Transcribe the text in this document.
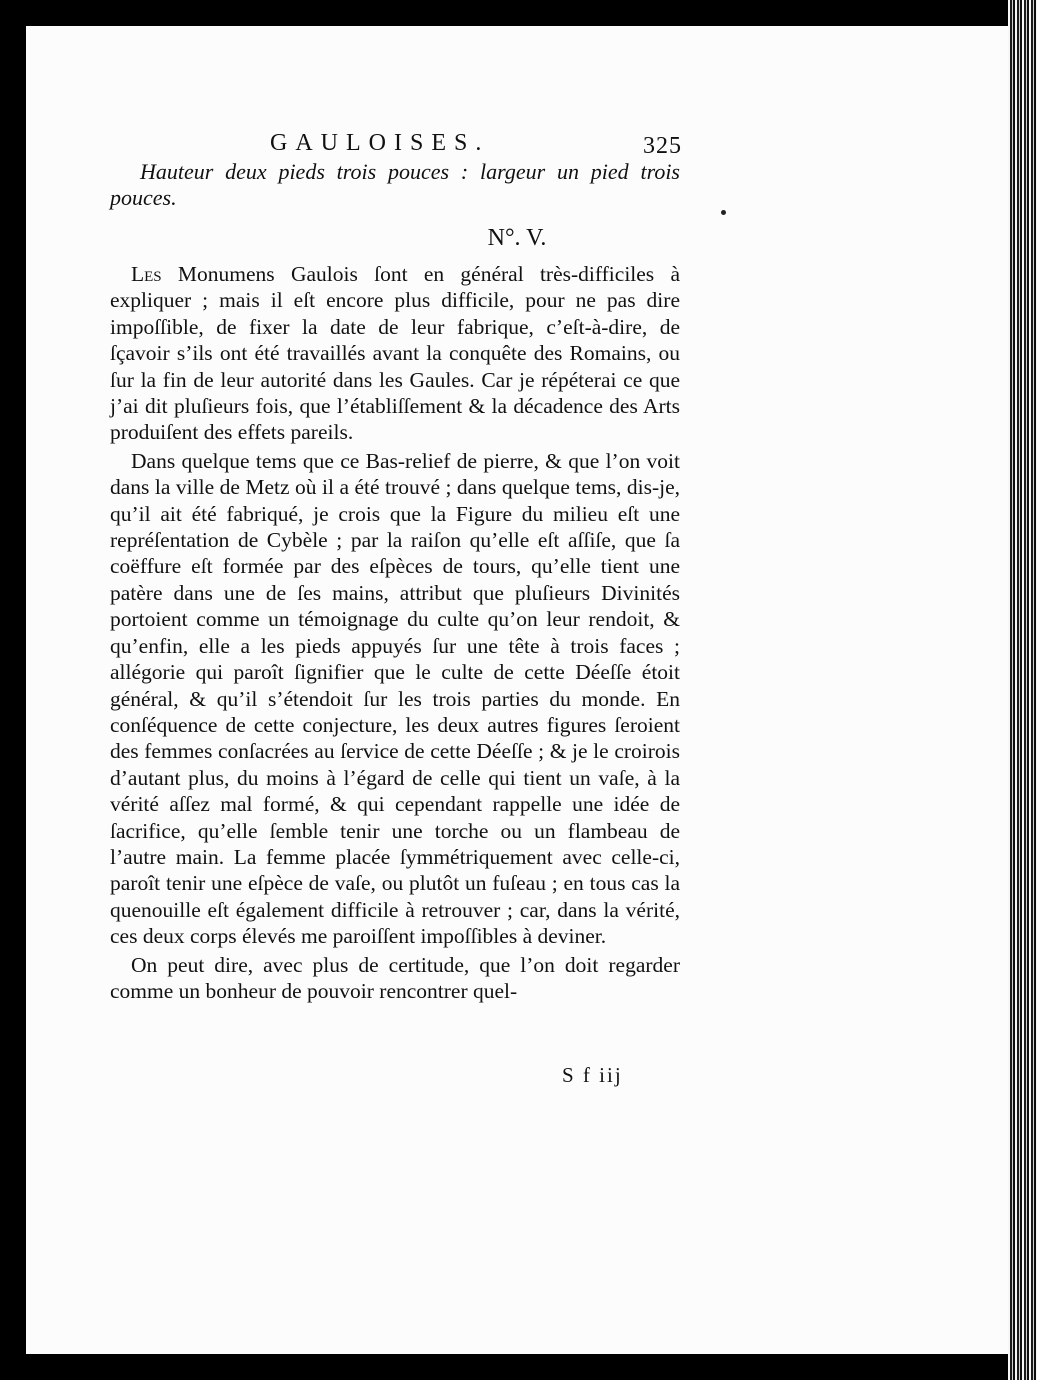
GAULOISES.	325
Hauteur deux pieds trois pouces : largeur un pied trois
pouces.
N°. V.

Les Monumens Gaulois ſont en général très-difficiles à expliquer ; mais il eſt encore plus difficile, pour ne pas dire impoſſible, de fixer la date de leur fabrique, c’eſt-à-dire, de ſçavoir s’ils ont été travaillés avant la conquête des Romains, ou ſur la fin de leur autorité dans les Gaules. Car je répéterai ce que j’ai dit pluſieurs fois, que l’établiſſement & la décadence des Arts produiſent des effets pareils.

Dans quelque tems que ce Bas-relief de pierre, & que l’on voit dans la ville de Metz où il a été trouvé ; dans quelque tems, dis-je, qu’il ait été fabriqué, je crois que la Figure du milieu eſt une repréſentation de Cybèle ; par la raiſon qu’elle eſt aſſiſe, que ſa coëffure eſt formée par des eſpèces de tours, qu’elle tient une patère dans une de ſes mains, attribut que pluſieurs Divinités portoient comme un témoignage du culte qu’on leur rendoit, & qu’enfin, elle a les pieds appuyés ſur une tête à trois faces ; allégorie qui paroît ſignifier que le culte de cette Déeſſe étoit général, & qu’il s’étendoit ſur les trois parties du monde. En conſéquence de cette conjecture, les deux autres figures ſeroient des femmes conſacrées au ſervice de cette Déeſſe ; & je le croirois d’autant plus, du moins à l’égard de celle qui tient un vaſe, à la vérité aſſez mal formé, & qui cependant rappelle une idée de ſacrifice, qu’elle ſemble tenir une torche ou un flambeau de l’autre main. La femme placée ſymmétriquement avec celle-ci, paroît tenir une eſpèce de vaſe, ou plutôt un fuſeau ; en tous cas la quenouille eſt également difficile à retrouver ; car, dans la vérité, ces deux corps élevés me paroiſſent impoſſibles à deviner.

On peut dire, avec plus de certitude, que l’on doit regarder comme un bonheur de pouvoir rencontrer quel-

S f iij
